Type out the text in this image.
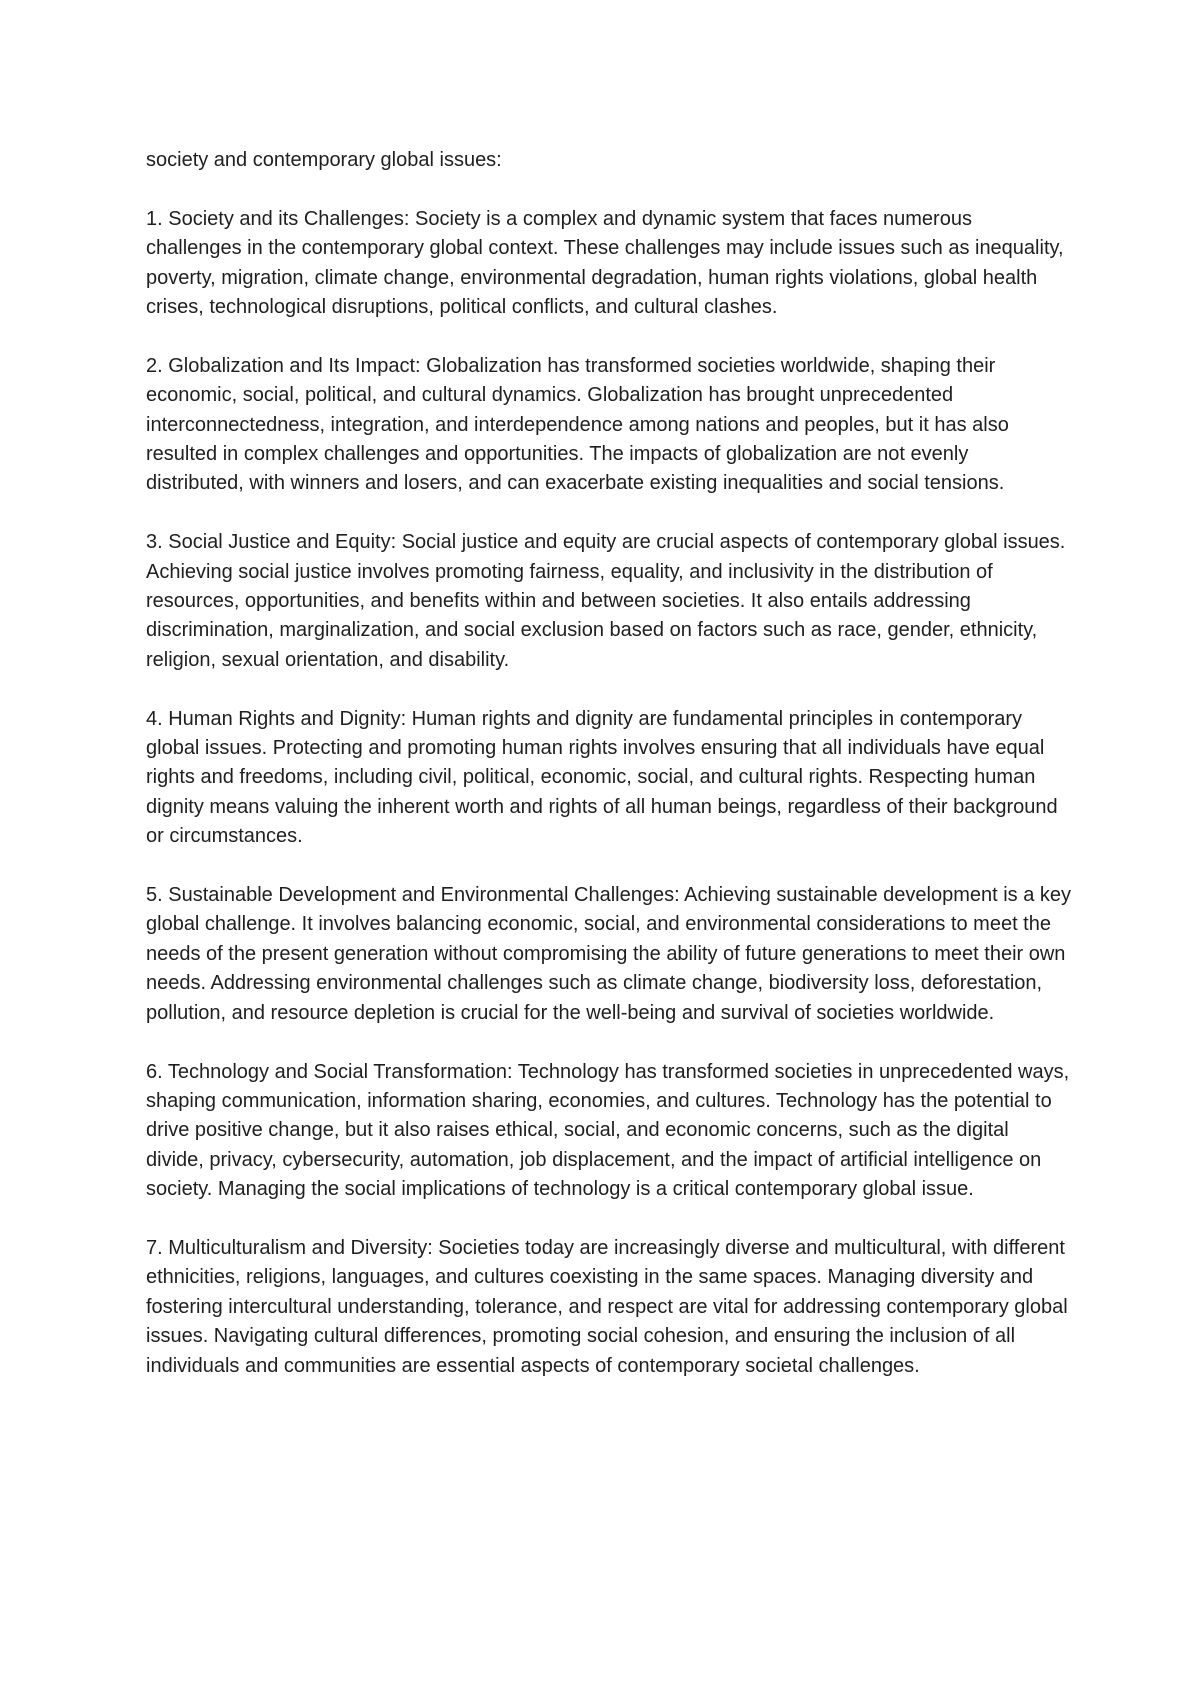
society and contemporary global issues:

1. Society and its Challenges: Society is a complex and dynamic system that faces numerous challenges in the contemporary global context. These challenges may include issues such as inequality, poverty, migration, climate change, environmental degradation, human rights violations, global health crises, technological disruptions, political conflicts, and cultural clashes.

2. Globalization and Its Impact: Globalization has transformed societies worldwide, shaping their economic, social, political, and cultural dynamics. Globalization has brought unprecedented interconnectedness, integration, and interdependence among nations and peoples, but it has also resulted in complex challenges and opportunities. The impacts of globalization are not evenly distributed, with winners and losers, and can exacerbate existing inequalities and social tensions.

3. Social Justice and Equity: Social justice and equity are crucial aspects of contemporary global issues. Achieving social justice involves promoting fairness, equality, and inclusivity in the distribution of resources, opportunities, and benefits within and between societies. It also entails addressing discrimination, marginalization, and social exclusion based on factors such as race, gender, ethnicity, religion, sexual orientation, and disability.

4. Human Rights and Dignity: Human rights and dignity are fundamental principles in contemporary global issues. Protecting and promoting human rights involves ensuring that all individuals have equal rights and freedoms, including civil, political, economic, social, and cultural rights. Respecting human dignity means valuing the inherent worth and rights of all human beings, regardless of their background or circumstances.

5. Sustainable Development and Environmental Challenges: Achieving sustainable development is a key global challenge. It involves balancing economic, social, and environmental considerations to meet the needs of the present generation without compromising the ability of future generations to meet their own needs. Addressing environmental challenges such as climate change, biodiversity loss, deforestation, pollution, and resource depletion is crucial for the well-being and survival of societies worldwide.

6. Technology and Social Transformation: Technology has transformed societies in unprecedented ways, shaping communication, information sharing, economies, and cultures. Technology has the potential to drive positive change, but it also raises ethical, social, and economic concerns, such as the digital divide, privacy, cybersecurity, automation, job displacement, and the impact of artificial intelligence on society. Managing the social implications of technology is a critical contemporary global issue.

7. Multiculturalism and Diversity: Societies today are increasingly diverse and multicultural, with different ethnicities, religions, languages, and cultures coexisting in the same spaces. Managing diversity and fostering intercultural understanding, tolerance, and respect are vital for addressing contemporary global issues. Navigating cultural differences, promoting social cohesion, and ensuring the inclusion of all individuals and communities are essential aspects of contemporary societal challenges.
